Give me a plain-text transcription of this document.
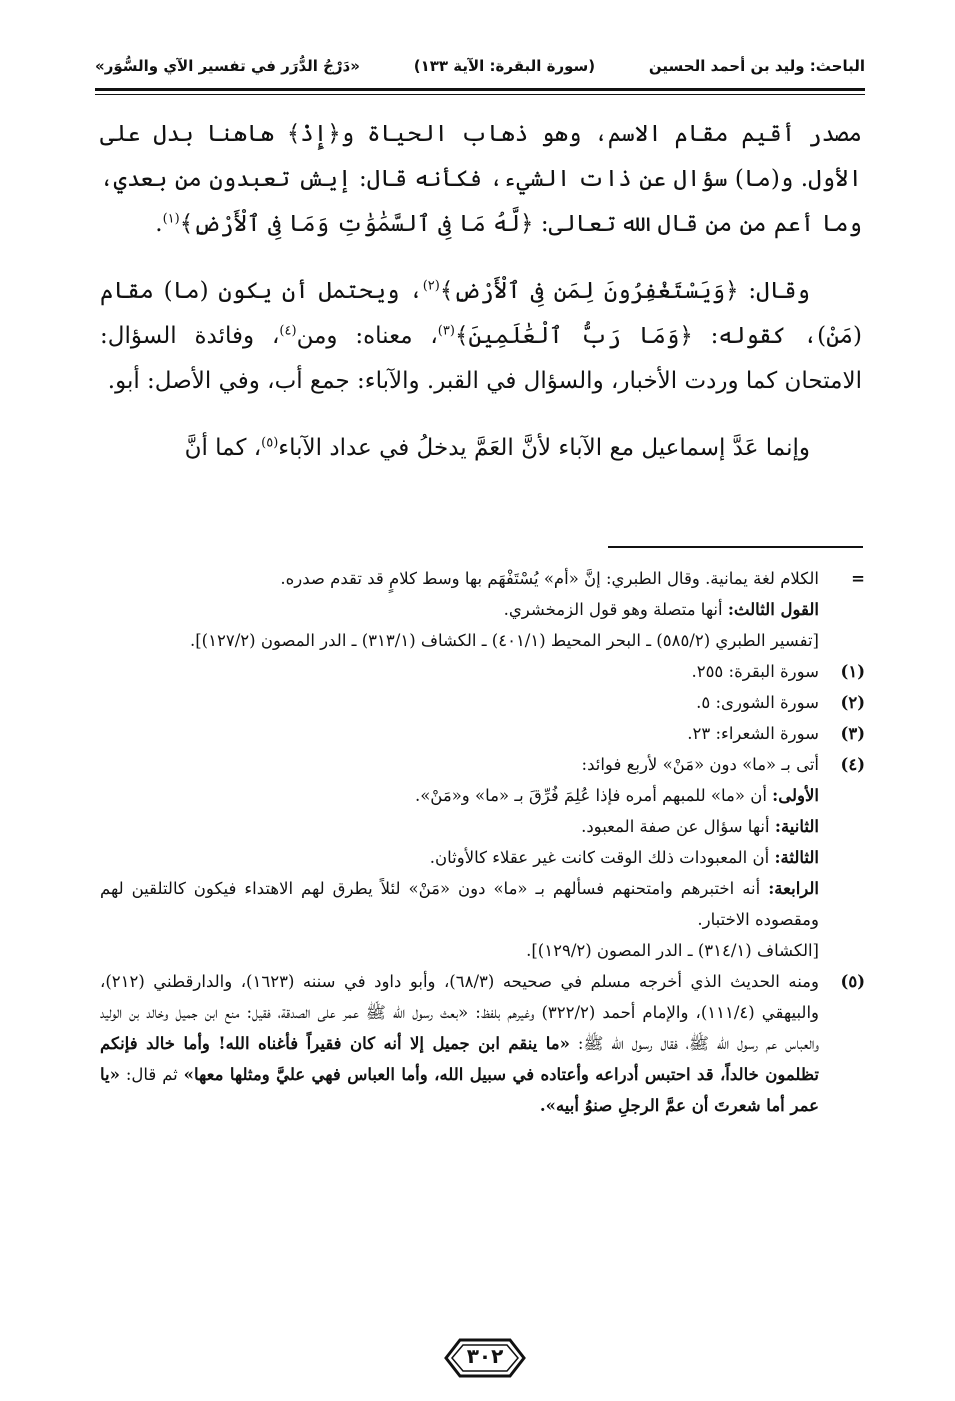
الباحث: وليد بن أحمد الحسين
(سورة البقرة: الآية ١٣٣)
«دَرْجُ الدُّرَر في تفسير الآي والسُّوَر»

مصدر أقيم مقام الاسم، وهو ذهاب الحياة و﴿إِذْ﴾ هاهنا بدل على الأول. و(ما) سؤال عن ذات الشيء، فكأنه قال: إيش تعبدون من بعدي، وما أعم من من قال الله تعالى: ﴿لَّهُ مَا فِى ٱلسَّمَٰوَٰتِ وَمَا فِى ٱلْأَرْضِ﴾$^{(١)}$.

وقال: ﴿وَيَسْتَغْفِرُونَ لِمَن فِى ٱلْأَرْضِ﴾$^{(٢)}$، ويحتمل أن يكون (ما) مقام (مَنْ)، كقوله: ﴿وَمَا رَبُّ ٱلْعَٰلَمِينَ﴾$^{(٣)}$، معناه: ومن$^{(٤)}$، وفائدة السؤال: الامتحان كما وردت الأخبار، والسؤال في القبر. والآباء: جمع أب، وفي الأصل: أبو.

وإنما عَدَّ إسماعيل مع الآباء لأنَّ العَمَّ يدخلُ في عداد الآباء$^{(٥)}$، كما أنَّ

=
الكلام لغة يمانية. وقال الطبري: إنَّ «أم» يُسْتَفْهَم بها وسط كلامٍ قد تقدم صدره.
القول الثالث: أنها متصلة وهو قول الزمخشري.
[تفسير الطبري (٥٨٥/٢) ـ البحر المحيط (٤٠١/١) ـ الكشاف (٣١٣/١) ـ الدر المصون (١٢٧/٢)].
(١)
سورة البقرة: ٢٥٥.
(٢)
سورة الشورى: ٥.
(٣)
سورة الشعراء: ٢٣.
(٤)
أتى بـ «ما» دون «مَنْ» لأربع فوائد:
الأولى: أن «ما» للمبهم أمره فإذا عُلِمَ فُرِّقَ بـ «ما» و«مَنْ».
الثانية: أنها سؤال عن صفة المعبود.
الثالثة: أن المعبودات ذلك الوقت كانت غير عقلاء كالأوثان.
الرابعة: أنه اختبرهم وامتحنهم فسألهم بـ «ما» دون «مَنْ» لئلاً يطرق لهم الاهتداء فيكون كالتلقين لهم ومقصوده الاختبار.
[الكشاف (٣١٤/١) ـ الدر المصون (١٢٩/٢)].
(٥)
ومنه الحديث الذي أخرجه مسلم في صحيحه (٦٨/٣)، وأبو داود في سننه (١٦٢٣)، والدارقطني (٢١٢)، والبيهقي (١١١/٤)، والإمام أحمد (٣٢٢/٢) وغيرهم بلفظ: «بعث رسول الله ﷺ عمر على الصدقة، فقيل: منع ابن جميل وخالد بن الوليد والعباس عم رسول الله ﷺ، فقال رسول الله ﷺ: «ما ينقم ابن جميل إلا أنه كان فقيراً فأغناه الله! وأما خالد فإنكم تظلمون خالداً، قد احتبس أدراعه وأعتاده في سبيل الله، وأما العباس فهي عليَّ ومثلها معها» ثم قال: «يا عمر أما شعرتَ أن عمَّ الرجلِ صنوُ أبيه».
٣٠٢
